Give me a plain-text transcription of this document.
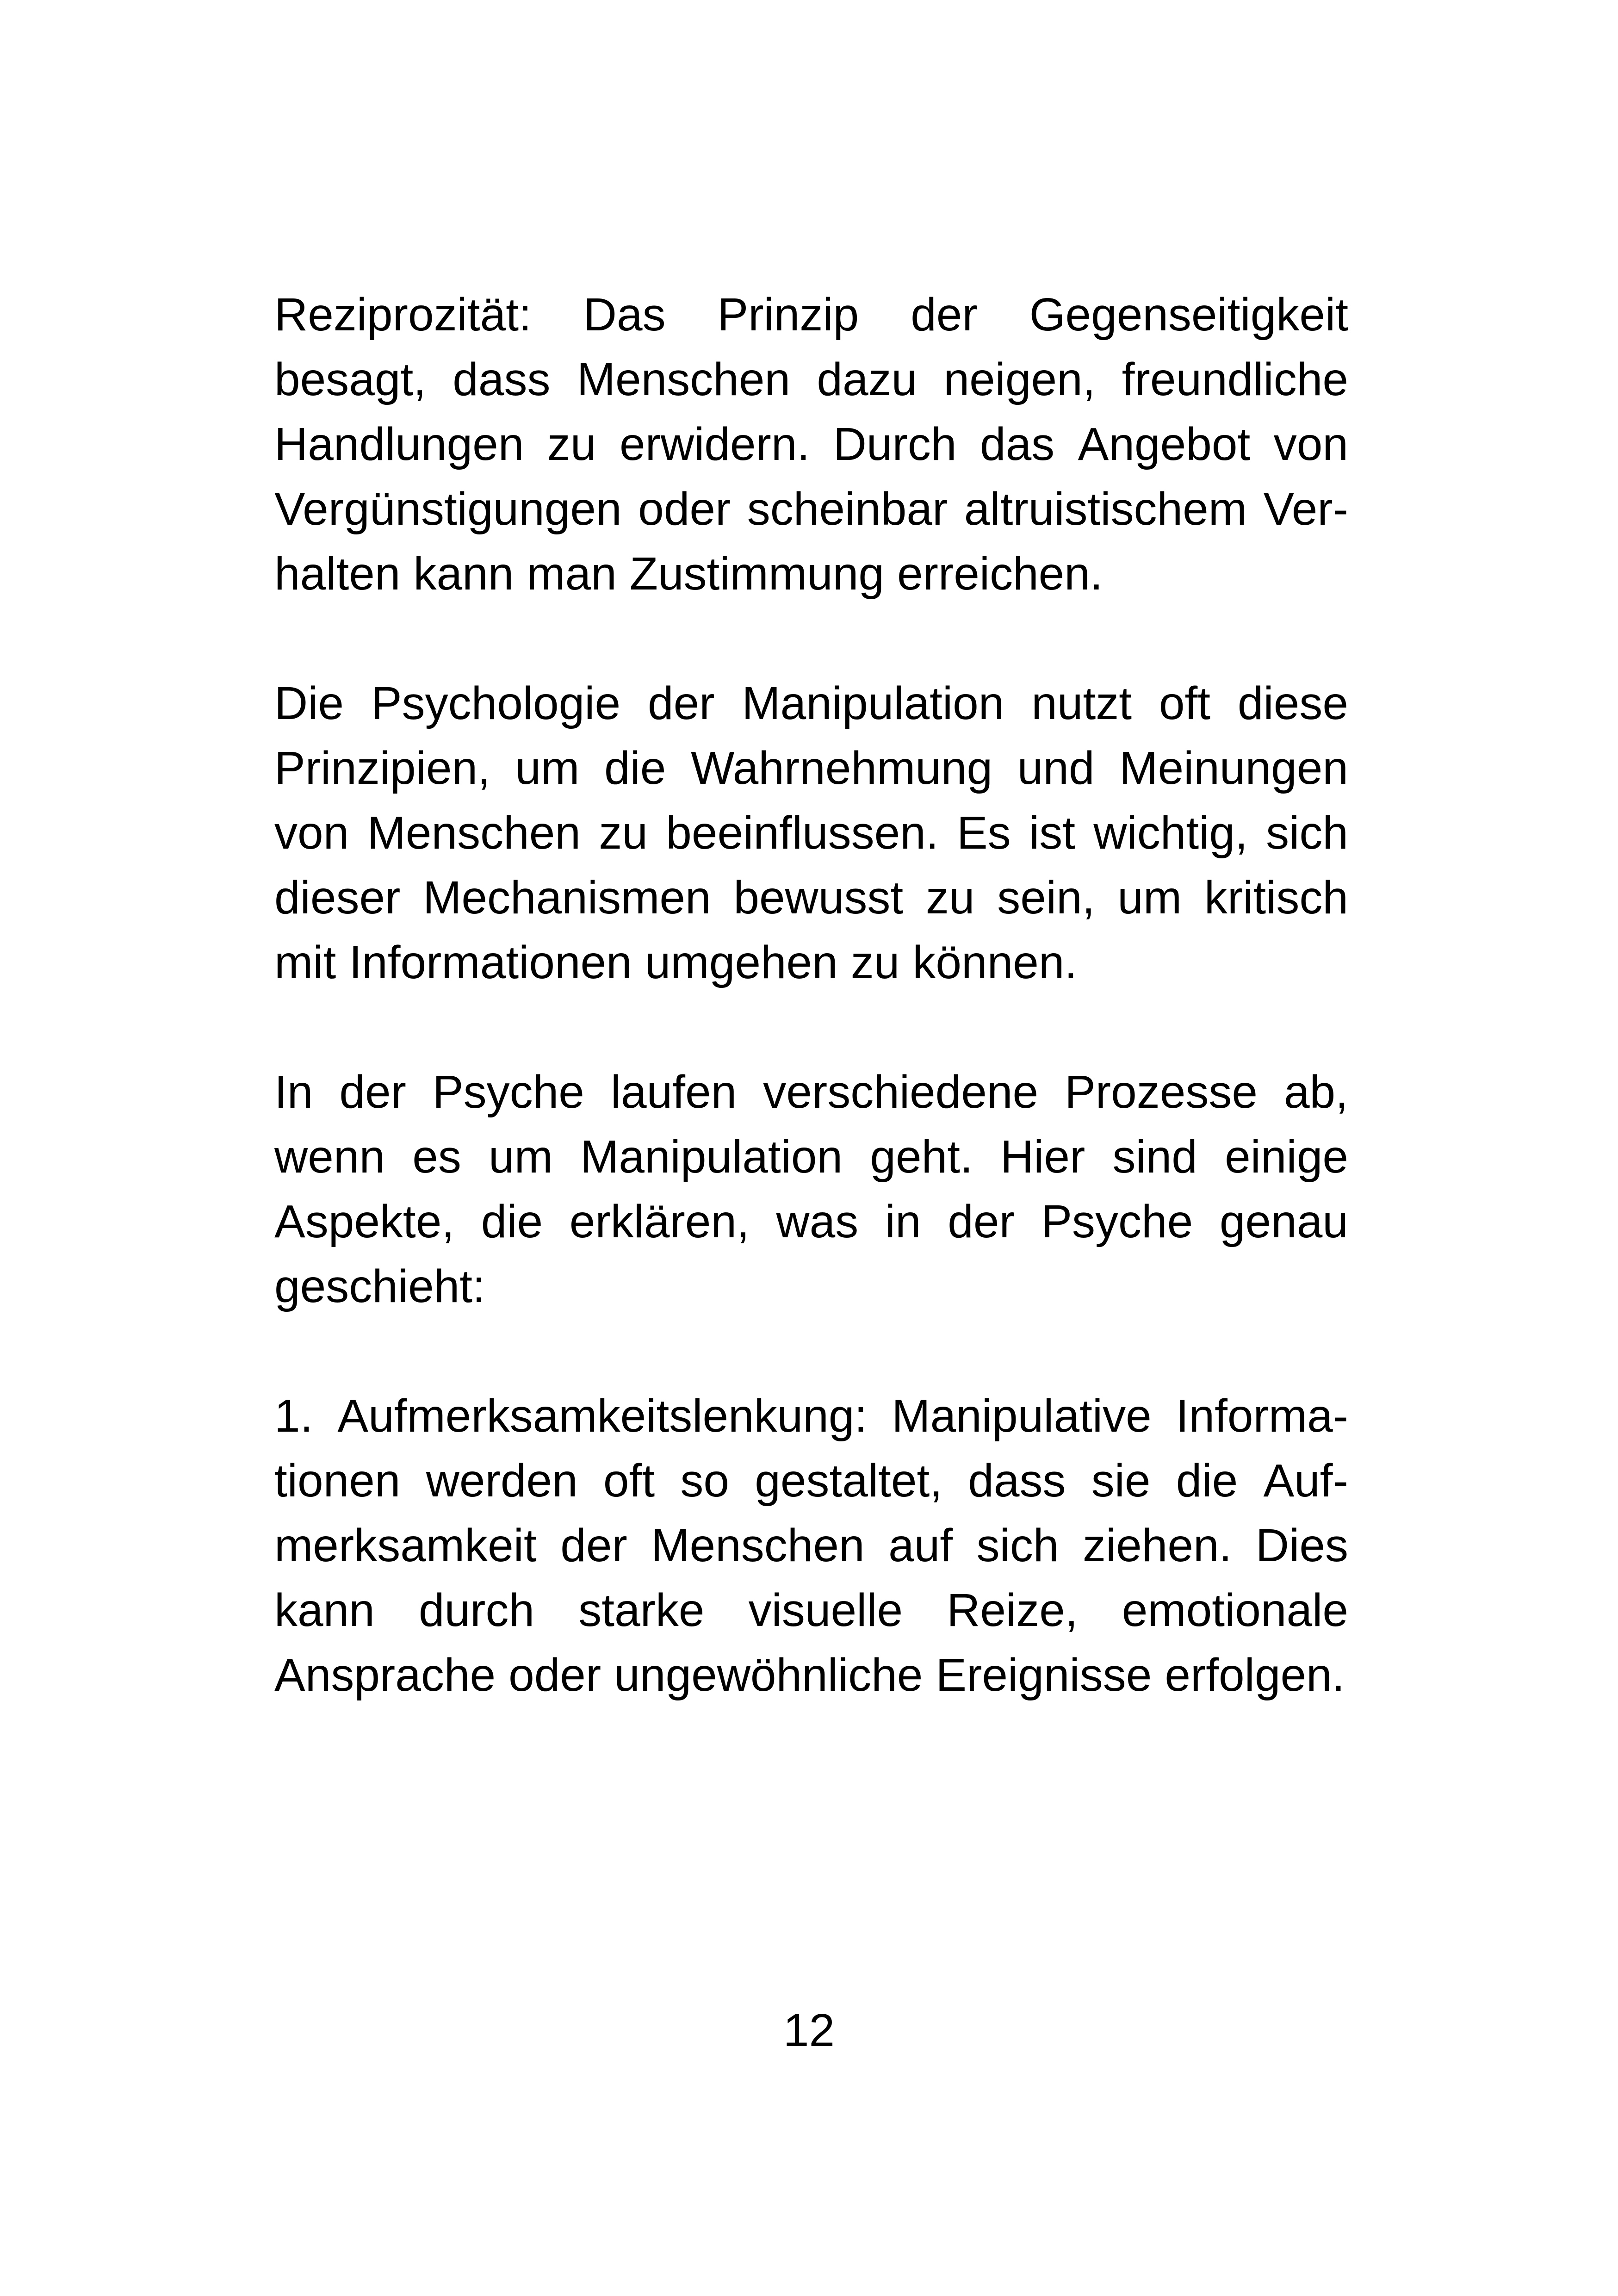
Reziprozität: Das Prinzip der Gegenseitigkeit
besagt, dass Menschen dazu neigen, freundliche
Handlungen zu erwidern. Durch das Angebot von
Vergünstigungen oder scheinbar altruistischem Ver-
halten kann man Zustimmung erreichen.
Die Psychologie der Manipulation nutzt oft diese
Prinzipien, um die Wahrnehmung und Meinungen
von Menschen zu beeinflussen. Es ist wichtig, sich
dieser Mechanismen bewusst zu sein, um kritisch
mit Informationen umgehen zu können.
In der Psyche laufen verschiedene Prozesse ab,
wenn es um Manipulation geht. Hier sind einige
Aspekte, die erklären, was in der Psyche genau
geschieht:
1. Aufmerksamkeitslenkung: Manipulative Informa-
tionen werden oft so gestaltet, dass sie die Auf-
merksamkeit der Menschen auf sich ziehen. Dies
kann durch starke visuelle Reize, emotionale
Ansprache oder ungewöhnliche Ereignisse erfolgen.
12
